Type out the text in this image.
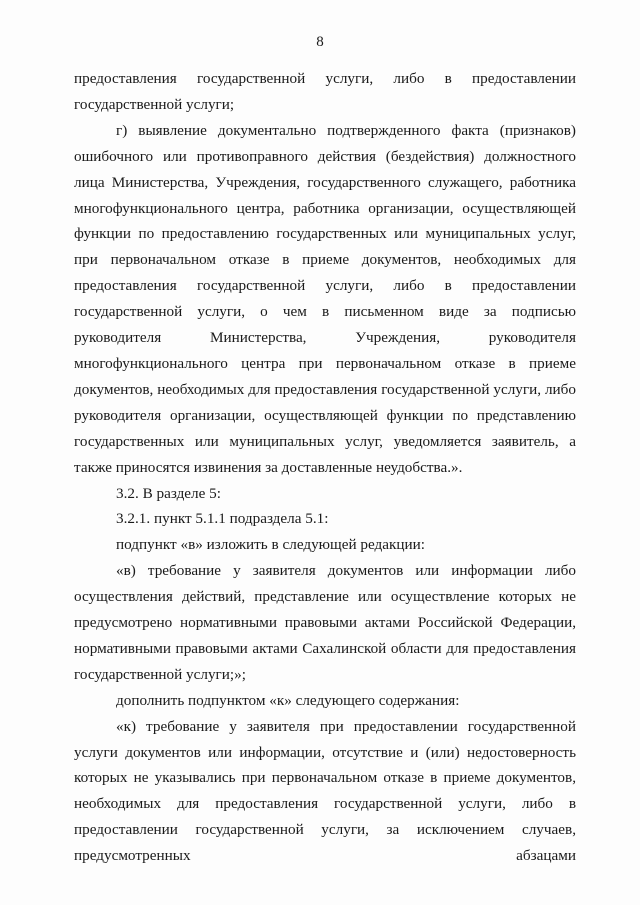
8

предоставления государственной услуги, либо в предоставлении государственной услуги;

г) выявление документально подтвержденного факта (признаков) ошибочного или противоправного действия (бездействия) должностного лица Министерства, Учреждения, государственного служащего, работника многофункционального центра, работника организации, осуществляющей функции по предоставлению государственных или муниципальных услуг, при первоначальном отказе в приеме документов, необходимых для предоставления государственной услуги, либо в предоставлении государственной услуги, о чем в письменном виде за подписью руководителя Министерства, Учреждения, руководителя многофункционального центра при первоначальном отказе в приеме документов, необходимых для предоставления государственной услуги, либо руководителя организации, осуществляющей функции по представлению государственных или муниципальных услуг, уведомляется заявитель, а также приносятся извинения за доставленные неудобства.».

3.2. В разделе 5:

3.2.1. пункт 5.1.1 подраздела 5.1:

подпункт «в» изложить в следующей редакции:

«в) требование у заявителя документов или информации либо осуществления действий, представление или осуществление которых не предусмотрено нормативными правовыми актами Российской Федерации, нормативными правовыми актами Сахалинской области для предоставления государственной услуги;»;

дополнить подпунктом «к» следующего содержания:

«к) требование у заявителя при предоставлении государственной услуги документов или информации, отсутствие и (или) недостоверность которых не указывались при первоначальном отказе в приеме документов, необходимых для предоставления государственной услуги, либо в предоставлении государственной услуги, за исключением случаев, предусмотренных абзацами
